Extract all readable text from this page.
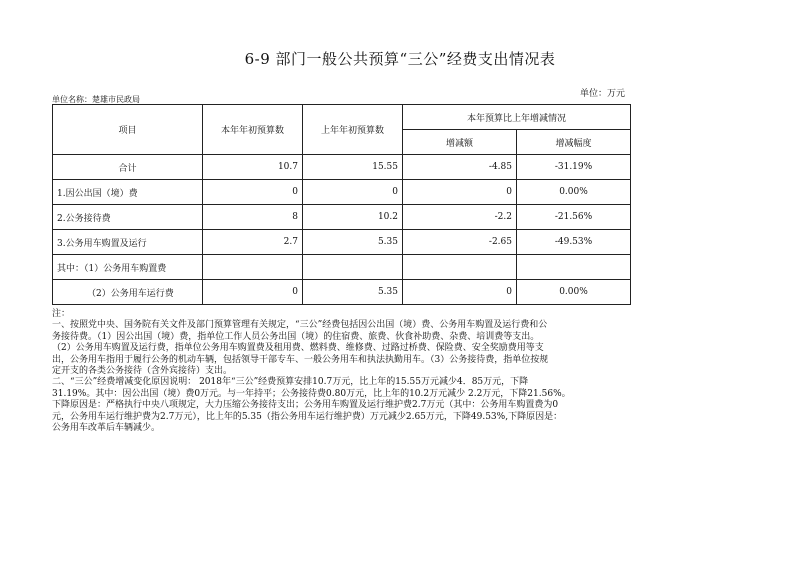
6-9 部门一般公共预算“三公”经费支出情况表
单位：万元
单位名称：楚雄市民政局
项目	本年年初预算数	上年年初预算数	本年预算比上年增减情况	
			增减额	增减幅度
合计	10.7	15.55	-4.85	-31.19%
1.因公出国（境）费	0	0	0	0.00%
2.公务接待费	8	10.2	-2.2	-21.56%
3.公务用车购置及运行	2.7	5.35	-2.65	-49.53%
其中：（1）公务用车购置费				
（2）公务用车运行费	0	5.35	0	0.00%
注：
一、按照党中央、国务院有关文件及部门预算管理有关规定，“三公”经费包括因公出国（境）费、公务用车购置及运行费和公
务接待费。（1）因公出国（境）费，指单位工作人员公务出国（境）的住宿费、旅费、伙食补助费、杂费、培训费等支出。
（2）公务用车购置及运行费，指单位公务用车购置费及租用费、燃料费、维修费、过路过桥费、保险费、安全奖励费用等支
出，公务用车指用于履行公务的机动车辆，包括领导干部专车、一般公务用车和执法执勤用车。（3）公务接待费，指单位按规
定开支的各类公务接待（含外宾接待）支出。
二、“三公”经费增减变化原因说明： 2018年“三公”经费预算安排10.7万元，比上年的15.55万元减少4．85万元，下降
31.19%。其中：因公出国（境）费0万元。与一年持平；公务接待费0.80万元，比上年的10.2万元减少 2.2万元，下降21.56%。
下降原因是：严格执行中央八项规定，大力压缩公务接待支出；公务用车购置及运行维护费2.7万元（其中：公务用车购置费为0
元，公务用车运行维护费为2.7万元），比上年的5.35（指公务用车运行维护费）万元减少2.65万元，下降49.53%,下降原因是：
公务用车改革后车辆减少。
